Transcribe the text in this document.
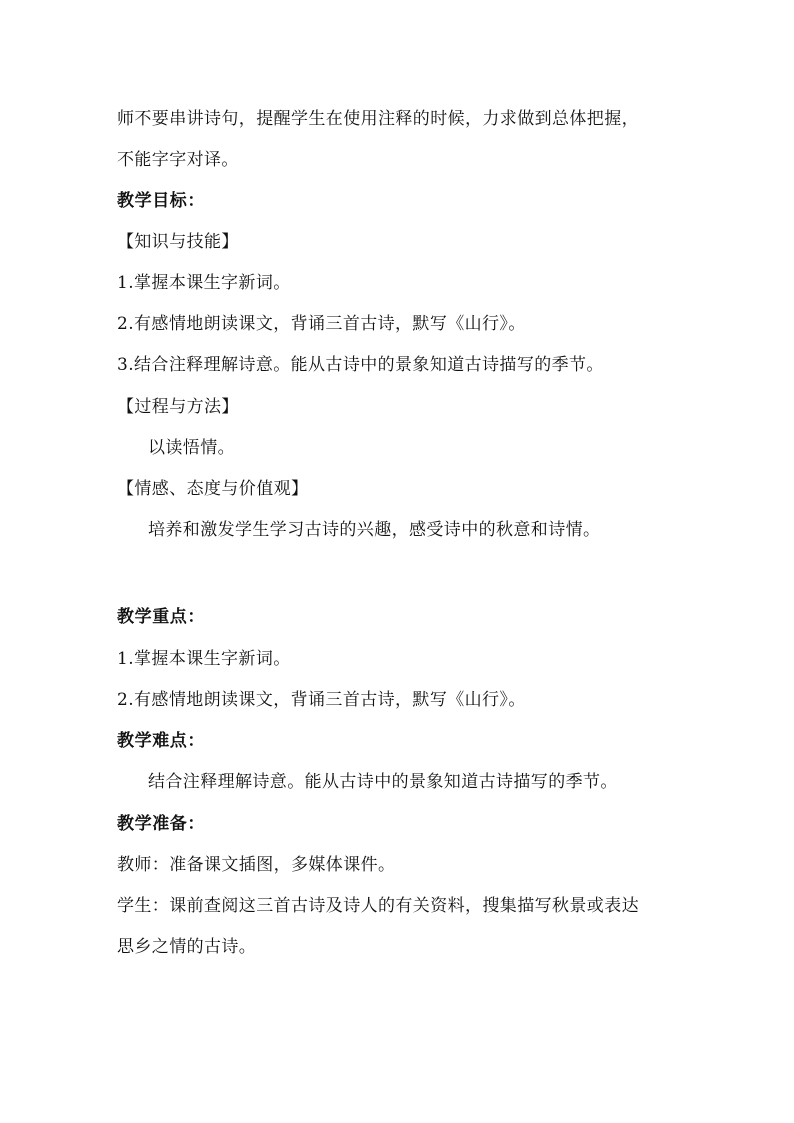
师不要串讲诗句，提醒学生在使用注释的时候，力求做到总体把握，
不能字字对译。
教学目标：
【知识与技能】
1.掌握本课生字新词。
2.有感情地朗读课文，背诵三首古诗，默写《山行》。
3.结合注释理解诗意。能从古诗中的景象知道古诗描写的季节。
【过程与方法】
以读悟情。
【情感、态度与价值观】
培养和激发学生学习古诗的兴趣，感受诗中的秋意和诗情。
教学重点：
1.掌握本课生字新词。
2.有感情地朗读课文，背诵三首古诗，默写《山行》。
教学难点：
结合注释理解诗意。能从古诗中的景象知道古诗描写的季节。
教学准备：
教师：准备课文插图，多媒体课件。
学生：课前查阅这三首古诗及诗人的有关资料，搜集描写秋景或表达
思乡之情的古诗。
